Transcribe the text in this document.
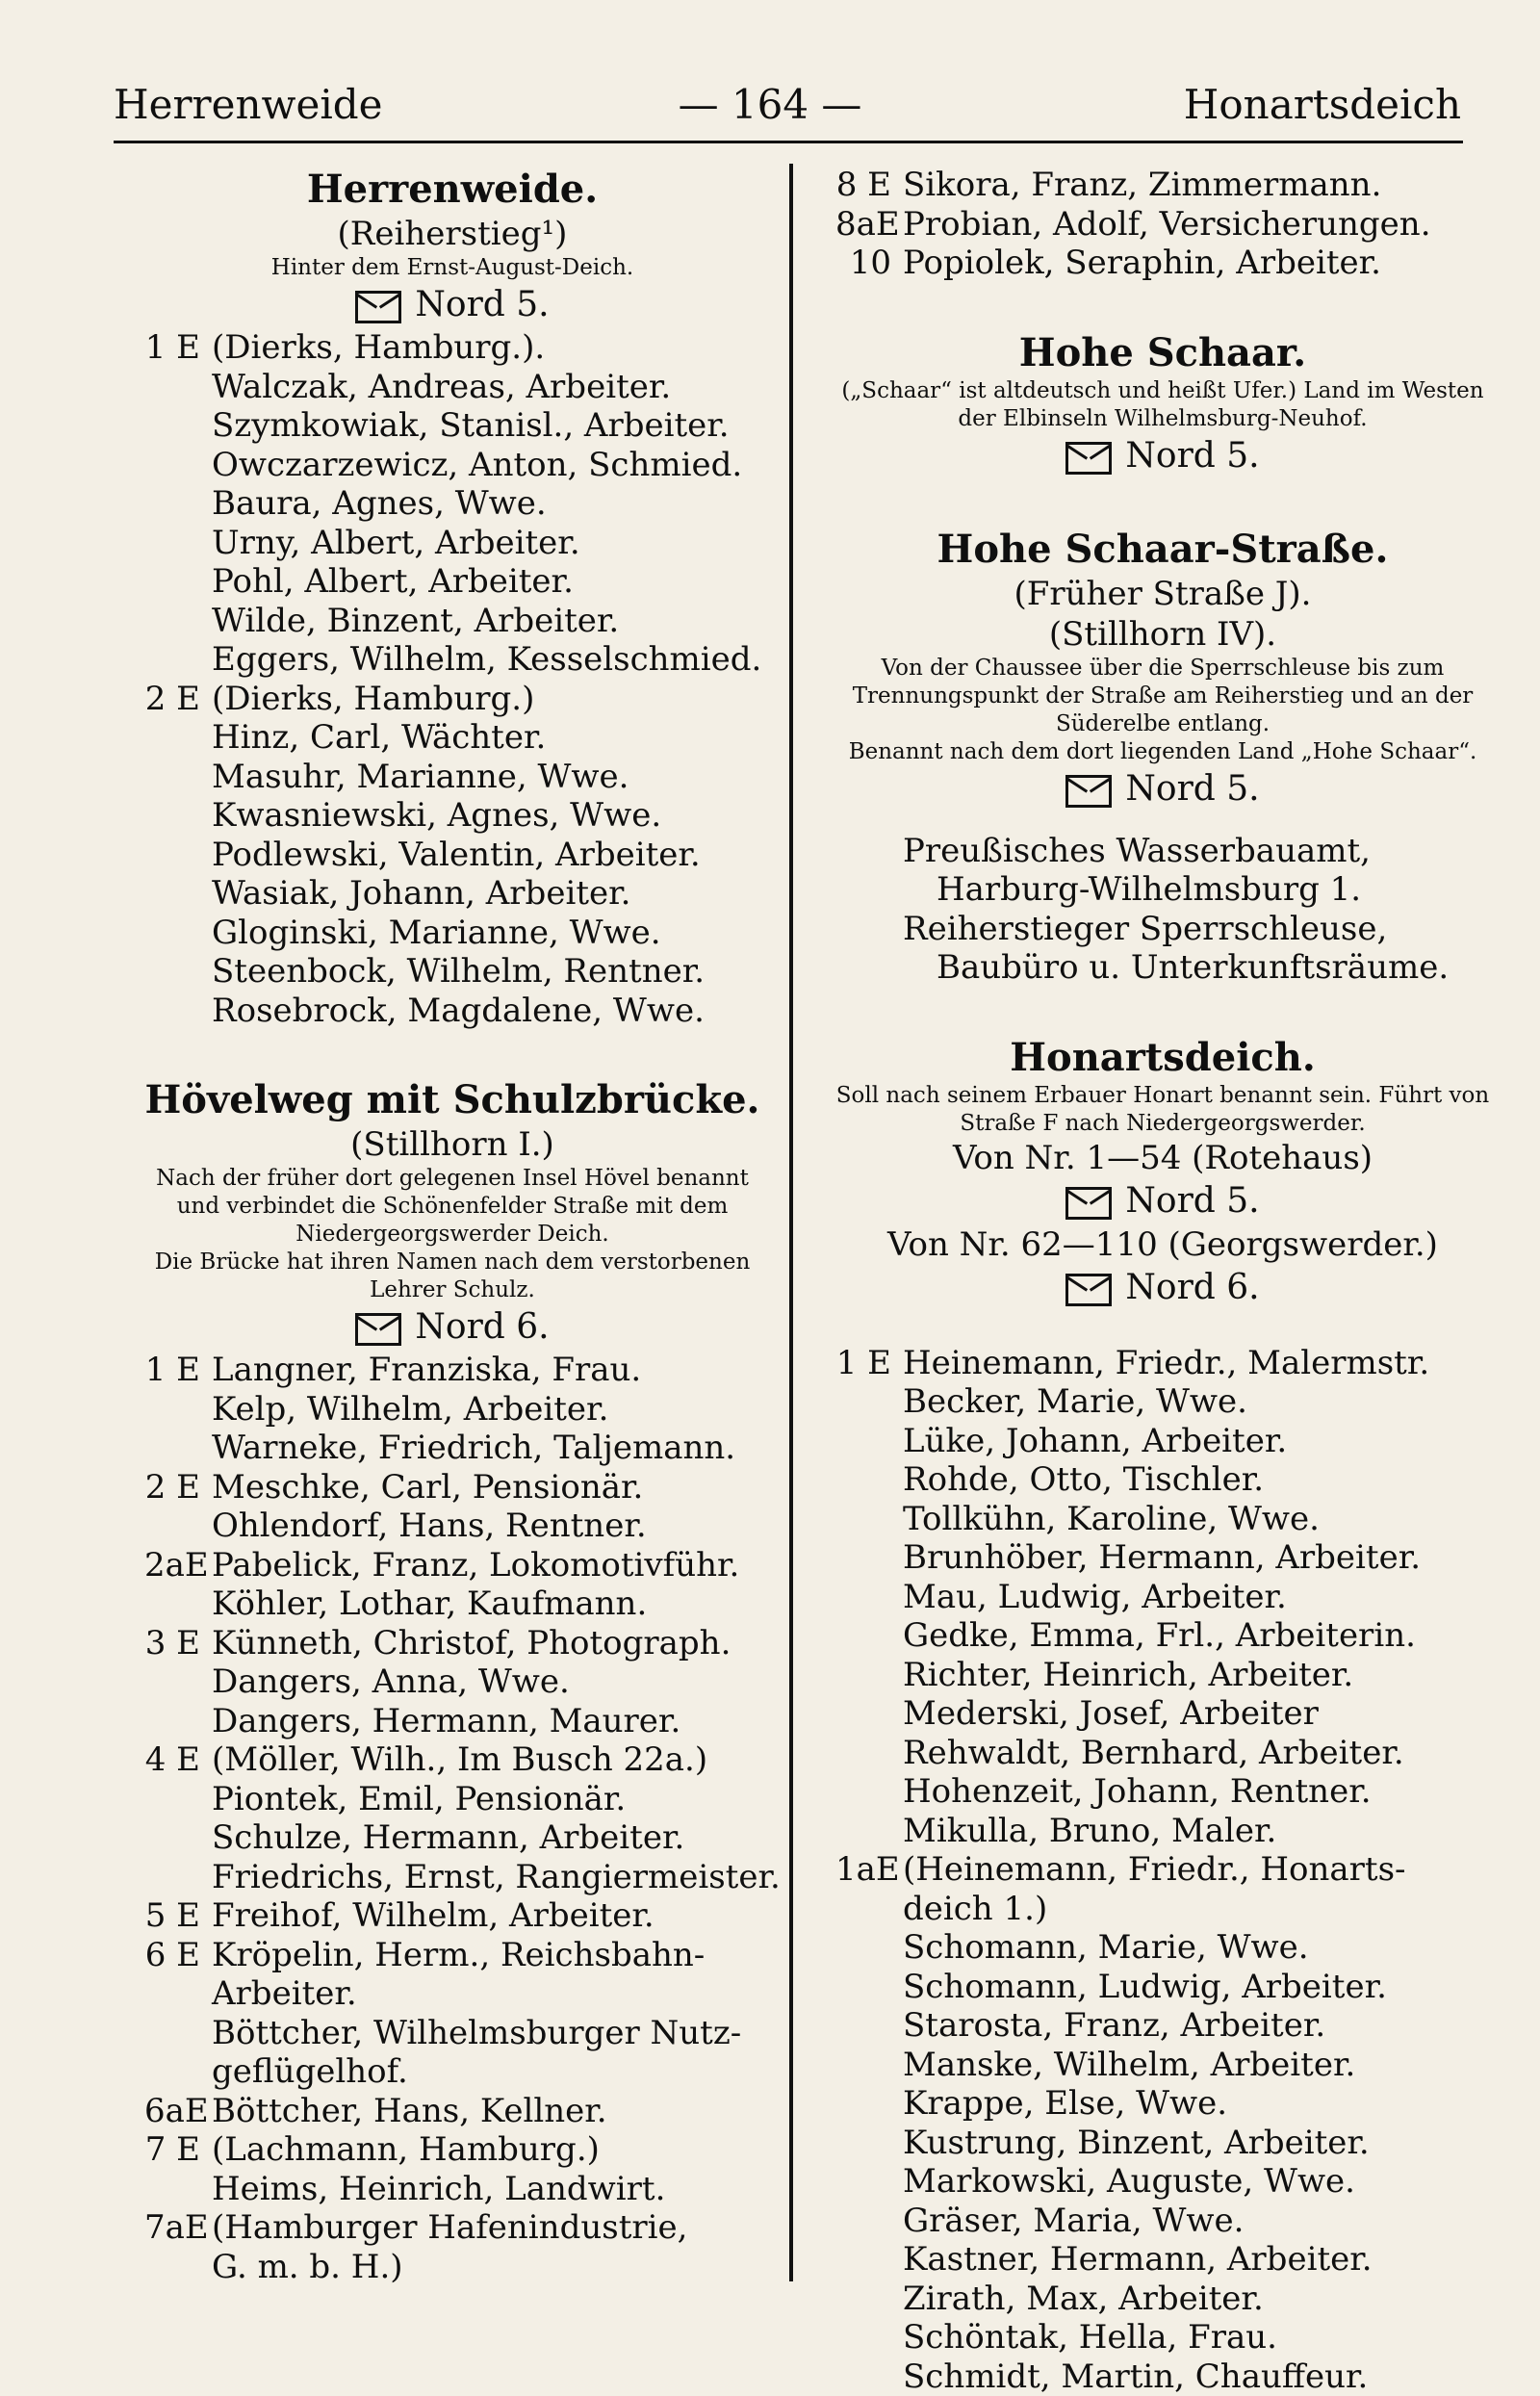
Herrenweide	— 164 —	Honartsdeich
Herrenweide.
(Reiherstieg¹)
Hinter dem Ernst-August-Deich.
Nord 5.
1 E (Dierks, Hamburg.).
Walczak, Andreas, Arbeiter.
Szymkowiak, Stanisl., Arbeiter.
Owczarzewicz, Anton, Schmied.
Baura, Agnes, Wwe.
Urny, Albert, Arbeiter.
Pohl, Albert, Arbeiter.
Wilde, Binzent, Arbeiter.
Eggers, Wilhelm, Kesselschmied.
2 E (Dierks, Hamburg.)
Hinz, Carl, Wächter.
Masuhr, Marianne, Wwe.
Kwasniewski, Agnes, Wwe.
Podlewski, Valentin, Arbeiter.
Wasiak, Johann, Arbeiter.
Gloginski, Marianne, Wwe.
Steenbock, Wilhelm, Rentner.
Rosebrock, Magdalene, Wwe.
Hövelweg mit Schulzbrücke.
(Stillhorn I.)
Nach der früher dort gelegenen Insel Hövel benannt und verbindet die Schönenfelder Straße mit dem Niedergeorgswerder Deich.
Die Brücke hat ihren Namen nach dem verstorbenen Lehrer Schulz.
Nord 6.
1 E Langner, Franziska, Frau.
Kelp, Wilhelm, Arbeiter.
Warneke, Friedrich, Taljemann.
2 E Meschke, Carl, Pensionär.
Ohlendorf, Hans, Rentner.
2aEPabelick, Franz, Lokomotivführ.
Köhler, Lothar, Kaufmann.
3 E Künneth, Christof, Photograph.
Dangers, Anna, Wwe.
Dangers, Hermann, Maurer.
4 E (Möller, Wilh., Im Busch 22a.)
Piontek, Emil, Pensionär.
Schulze, Hermann, Arbeiter.
Friedrichs, Ernst, Rangiermeister.
5 E Freihof, Wilhelm, Arbeiter.
6 E Kröpelin, Herm., Reichsbahn-
Arbeiter.
Böttcher, Wilhelmsburger Nutz-
geflügelhof.
6aEBöttcher, Hans, Kellner.
7 E (Lachmann, Hamburg.)
Heims, Heinrich, Landwirt.
7aE(Hamburger Hafenindustrie,
G. m. b. H.)
8 E Sikora, Franz, Zimmermann.
8aEProbian, Adolf, Versicherungen.
10 Popiolek, Seraphin, Arbeiter.
Hohe Schaar.
(„Schaar“ ist altdeutsch und heißt Ufer.) Land im Westen der Elbinseln Wilhelmsburg-Neuhof.
Nord 5.
Hohe Schaar-Straße.
(Früher Straße J).
(Stillhorn IV).
Von der Chaussee über die Sperrschleuse bis zum Trennungspunkt der Straße am Reiherstieg und an der Süderelbe entlang.
Benannt nach dem dort liegenden Land „Hohe Schaar“.
Nord 5.
Preußisches Wasserbauamt,
Harburg-Wilhelmsburg 1.
Reiherstieger Sperrschleuse,
Baubüro u. Unterkunftsräume.
Honartsdeich.
Soll nach seinem Erbauer Honart benannt sein. Führt von Straße F nach Niedergeorgswerder.
Von Nr. 1—54 (Rotehaus)
Nord 5.
Von Nr. 62—110 (Georgswerder.)
Nord 6.
1 E Heinemann, Friedr., Malermstr.
Becker, Marie, Wwe.
Lüke, Johann, Arbeiter.
Rohde, Otto, Tischler.
Tollkühn, Karoline, Wwe.
Brunhöber, Hermann, Arbeiter.
Mau, Ludwig, Arbeiter.
Gedke, Emma, Frl., Arbeiterin.
Richter, Heinrich, Arbeiter.
Mederski, Josef, Arbeiter
Rehwaldt, Bernhard, Arbeiter.
Hohenzeit, Johann, Rentner.
Mikulla, Bruno, Maler.
1aE(Heinemann, Friedr., Honarts-
deich 1.)
Schomann, Marie, Wwe.
Schomann, Ludwig, Arbeiter.
Starosta, Franz, Arbeiter.
Manske, Wilhelm, Arbeiter.
Krappe, Else, Wwe.
Kustrung, Binzent, Arbeiter.
Markowski, Auguste, Wwe.
Gräser, Maria, Wwe.
Kastner, Hermann, Arbeiter.
Zirath, Max, Arbeiter.
Schöntak, Hella, Frau.
Schmidt, Martin, Chauffeur.
